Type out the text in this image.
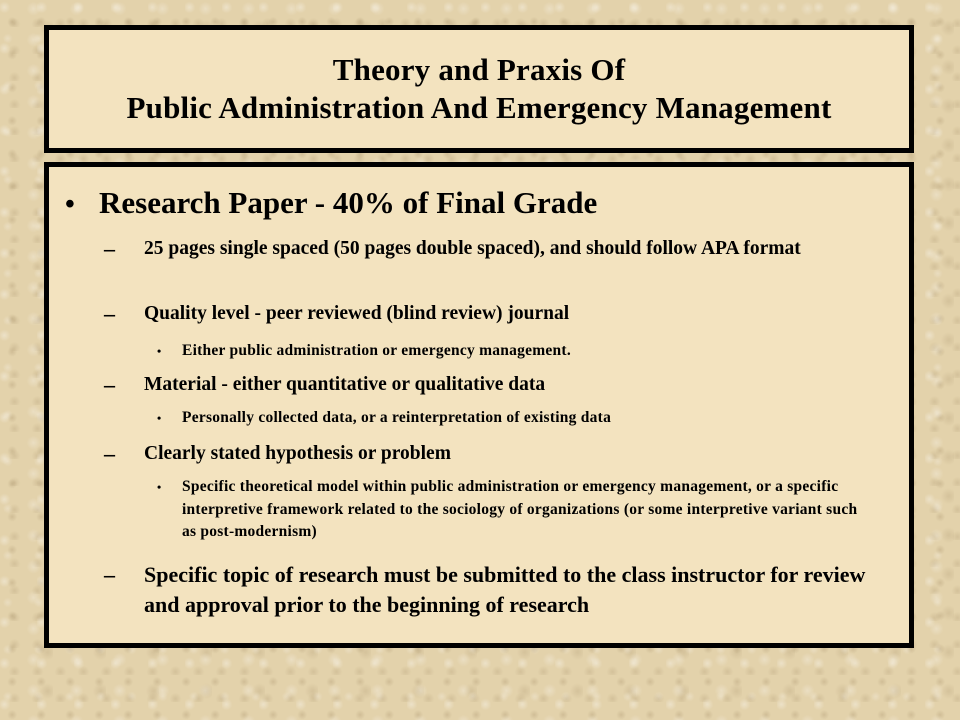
Theory and Praxis Of
Public Administration And Emergency Management
• Research Paper - 40% of Final Grade
–	25 pages single spaced (50 pages double spaced), and should follow APA format
–	Quality level - peer reviewed (blind review) journal
•	Either public administration or emergency management.
–	Material - either quantitative or qualitative data
•	Personally collected data, or a reinterpretation of existing data
–	Clearly stated hypothesis or problem
•	Specific theoretical model within public administration or emergency management, or a specific interpretive framework related to the sociology of organizations (or some interpretive variant such as post-modernism)
–	Specific topic of research must be submitted to the class instructor for review and approval prior to the beginning of research
